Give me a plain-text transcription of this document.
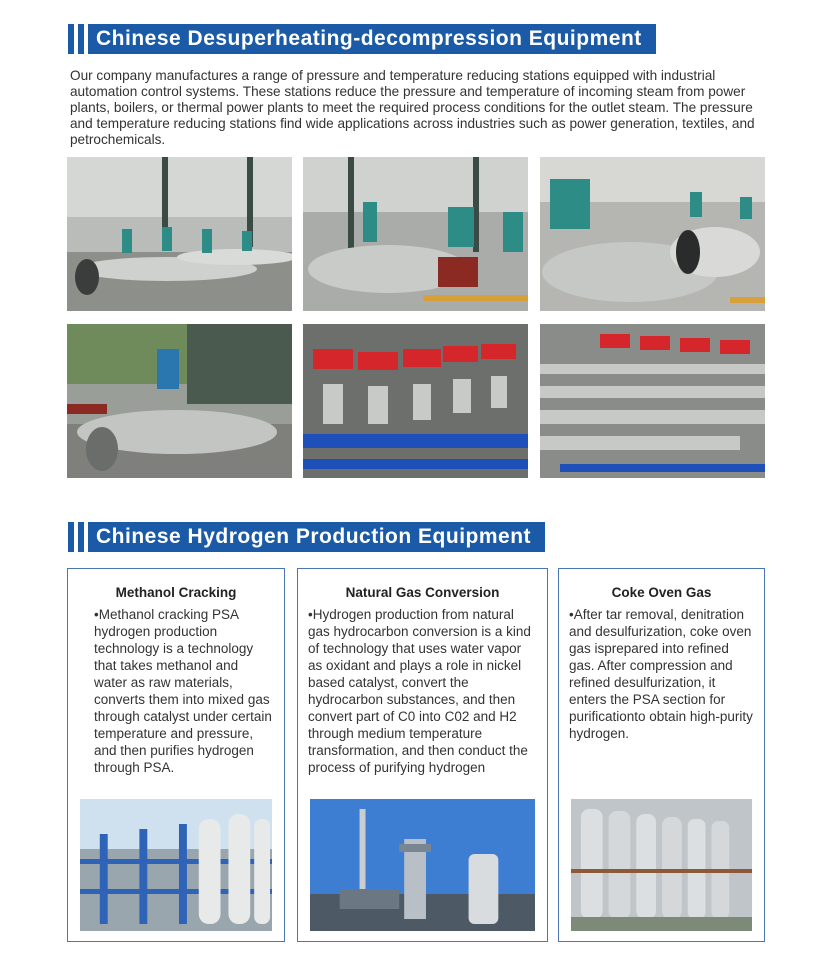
Chinese Desuperheating-decompression Equipment

Our company manufactures a range of pressure and temperature reducing stations equipped with industrial automation control systems. These stations reduce the pressure and temperature of incoming steam from power plants, boilers, or thermal power plants to meet the required process conditions for the outlet steam. The pressure and temperature reducing stations find wide applications across industries such as power generation, textiles, and petrochemicals.

Chinese Hydrogen Production Equipment
Methanol Cracking

•Methanol cracking PSA hydrogen production technology is a technology that takes methanol and water as raw materials, converts them into mixed gas through catalyst under certain temperature and pressure, and then purifies hydrogen through PSA.

Natural Gas Conversion

•Hydrogen production from natural gas hydrocarbon conversion is a kind of technology that uses water vapor as oxidant and plays a role in nickel based catalyst, convert the hydrocarbon substances, and then convert part of C0 into C02 and H2 through medium temperature transformation, and then conduct the process of purifying hydrogen

Coke Oven Gas

•After tar removal, denitration and desulfurization, coke oven gas isprepared into refined gas. After compression and refined desulfurization, it enters the PSA section for purificationto obtain high-purity hydrogen.
